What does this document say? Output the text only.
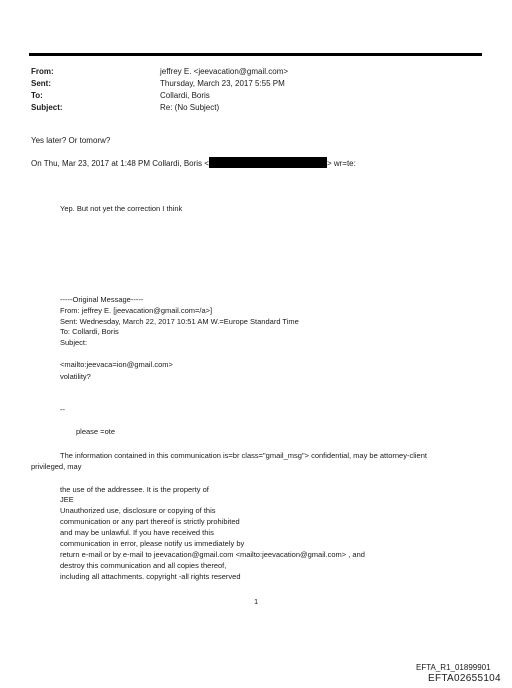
From:
Sent:
To:
Subject:
jeffrey E. <jeevacation@gmail.com>
Thursday, March 23, 2017 5:55 PM
Collardi, Boris
Re: (No Subject)
Yes later? Or tomorw?
On Thu, Mar 23, 2017 at 1:48 PM Collardi, Boris <	> wr=te:
Yep. But not yet the correction I think
-----Original Message-----
From: jeffrey E. [jeevacation@gmail.com=/a>]
Sent: Wednesday, March 22, 2017 10:51 AM W.=Europe Standard Time
To: Collardi, Boris
Subject:
<mailto:jeevaca=ion@gmail.com>
volatility?
--
please =ote
The information contained in this communication is=br class="gmail_msg"> confidential, may be attorney-client
privileged, may
the use of the addressee. It is the property of
JEE
Unauthorized use, disclosure or copying of this
communication or any part thereof is strictly prohibited
and may be unlawful. If you have received this
communication in error, please notify us immediately by
return e-mail or by e-mail to jeevacation@gmail.com <mailto:jeevacation@gmail.com> , and
destroy this communication and all copies thereof,
including all attachments. copyright -all rights reserved
1
EFTA_R1_01899901
EFTA02655104
